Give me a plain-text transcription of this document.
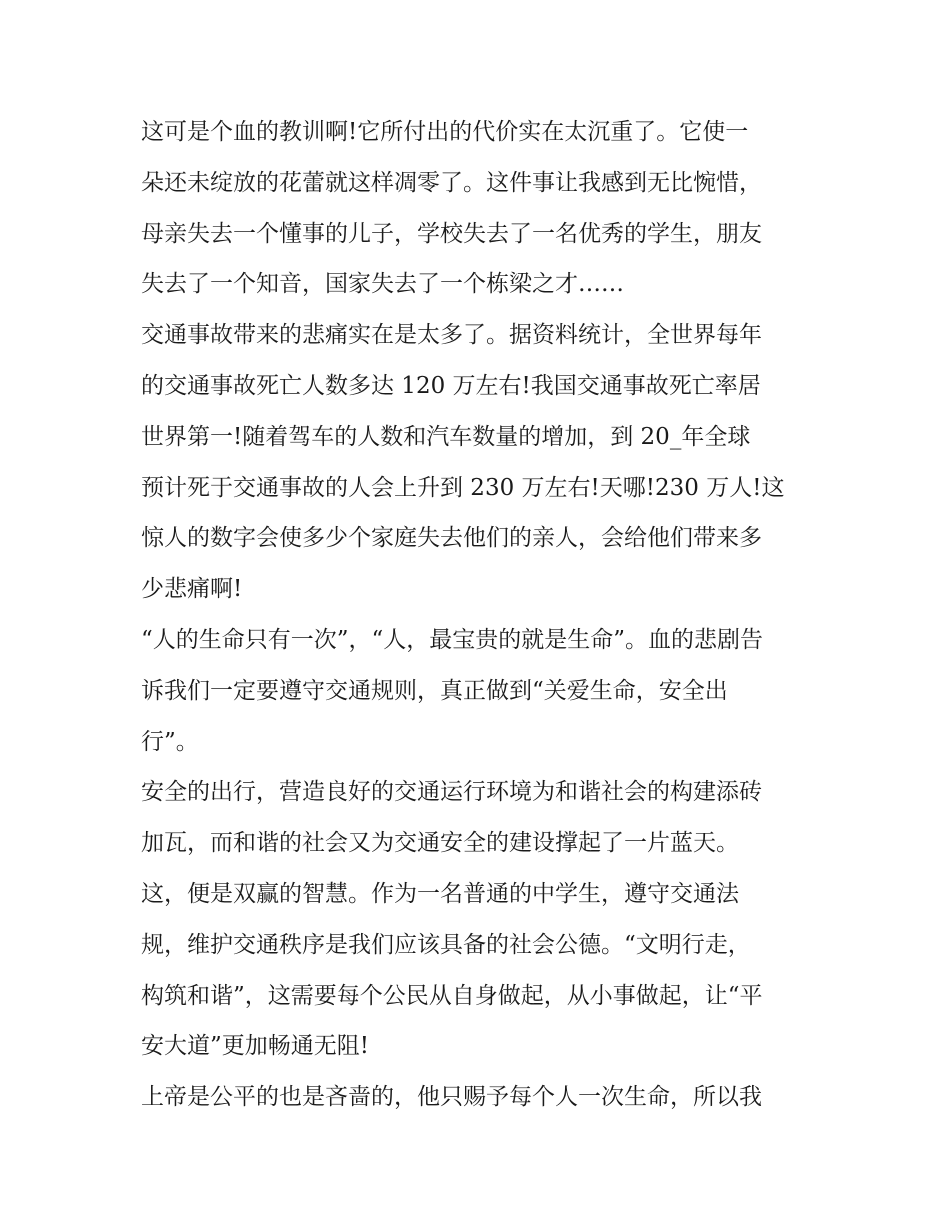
这可是个血的教训啊!它所付出的代价实在太沉重了。它使一
朵还未绽放的花蕾就这样凋零了。这件事让我感到无比惋惜，
母亲失去一个懂事的儿子，学校失去了一名优秀的学生，朋友
失去了一个知音，国家失去了一个栋梁之才……

交通事故带来的悲痛实在是太多了。据资料统计，全世界每年
的交通事故死亡人数多达 120 万左右!我国交通事故死亡率居
世界第一!随着驾车的人数和汽车数量的增加，到 20_年全球
预计死于交通事故的人会上升到 230 万左右!天哪!230 万人!这
惊人的数字会使多少个家庭失去他们的亲人，会给他们带来多
少悲痛啊!

“人的生命只有一次”，“人，最宝贵的就是生命”。血的悲剧告
诉我们一定要遵守交通规则，真正做到“关爱生命，安全出
行”。

安全的出行，营造良好的交通运行环境为和谐社会的构建添砖
加瓦，而和谐的社会又为交通安全的建设撑起了一片蓝天。
这，便是双赢的智慧。作为一名普通的中学生，遵守交通法
规，维护交通秩序是我们应该具备的社会公德。“文明行走，
构筑和谐”，这需要每个公民从自身做起，从小事做起，让“平
安大道”更加畅通无阻!

上帝是公平的也是吝啬的，他只赐予每个人一次生命，所以我
